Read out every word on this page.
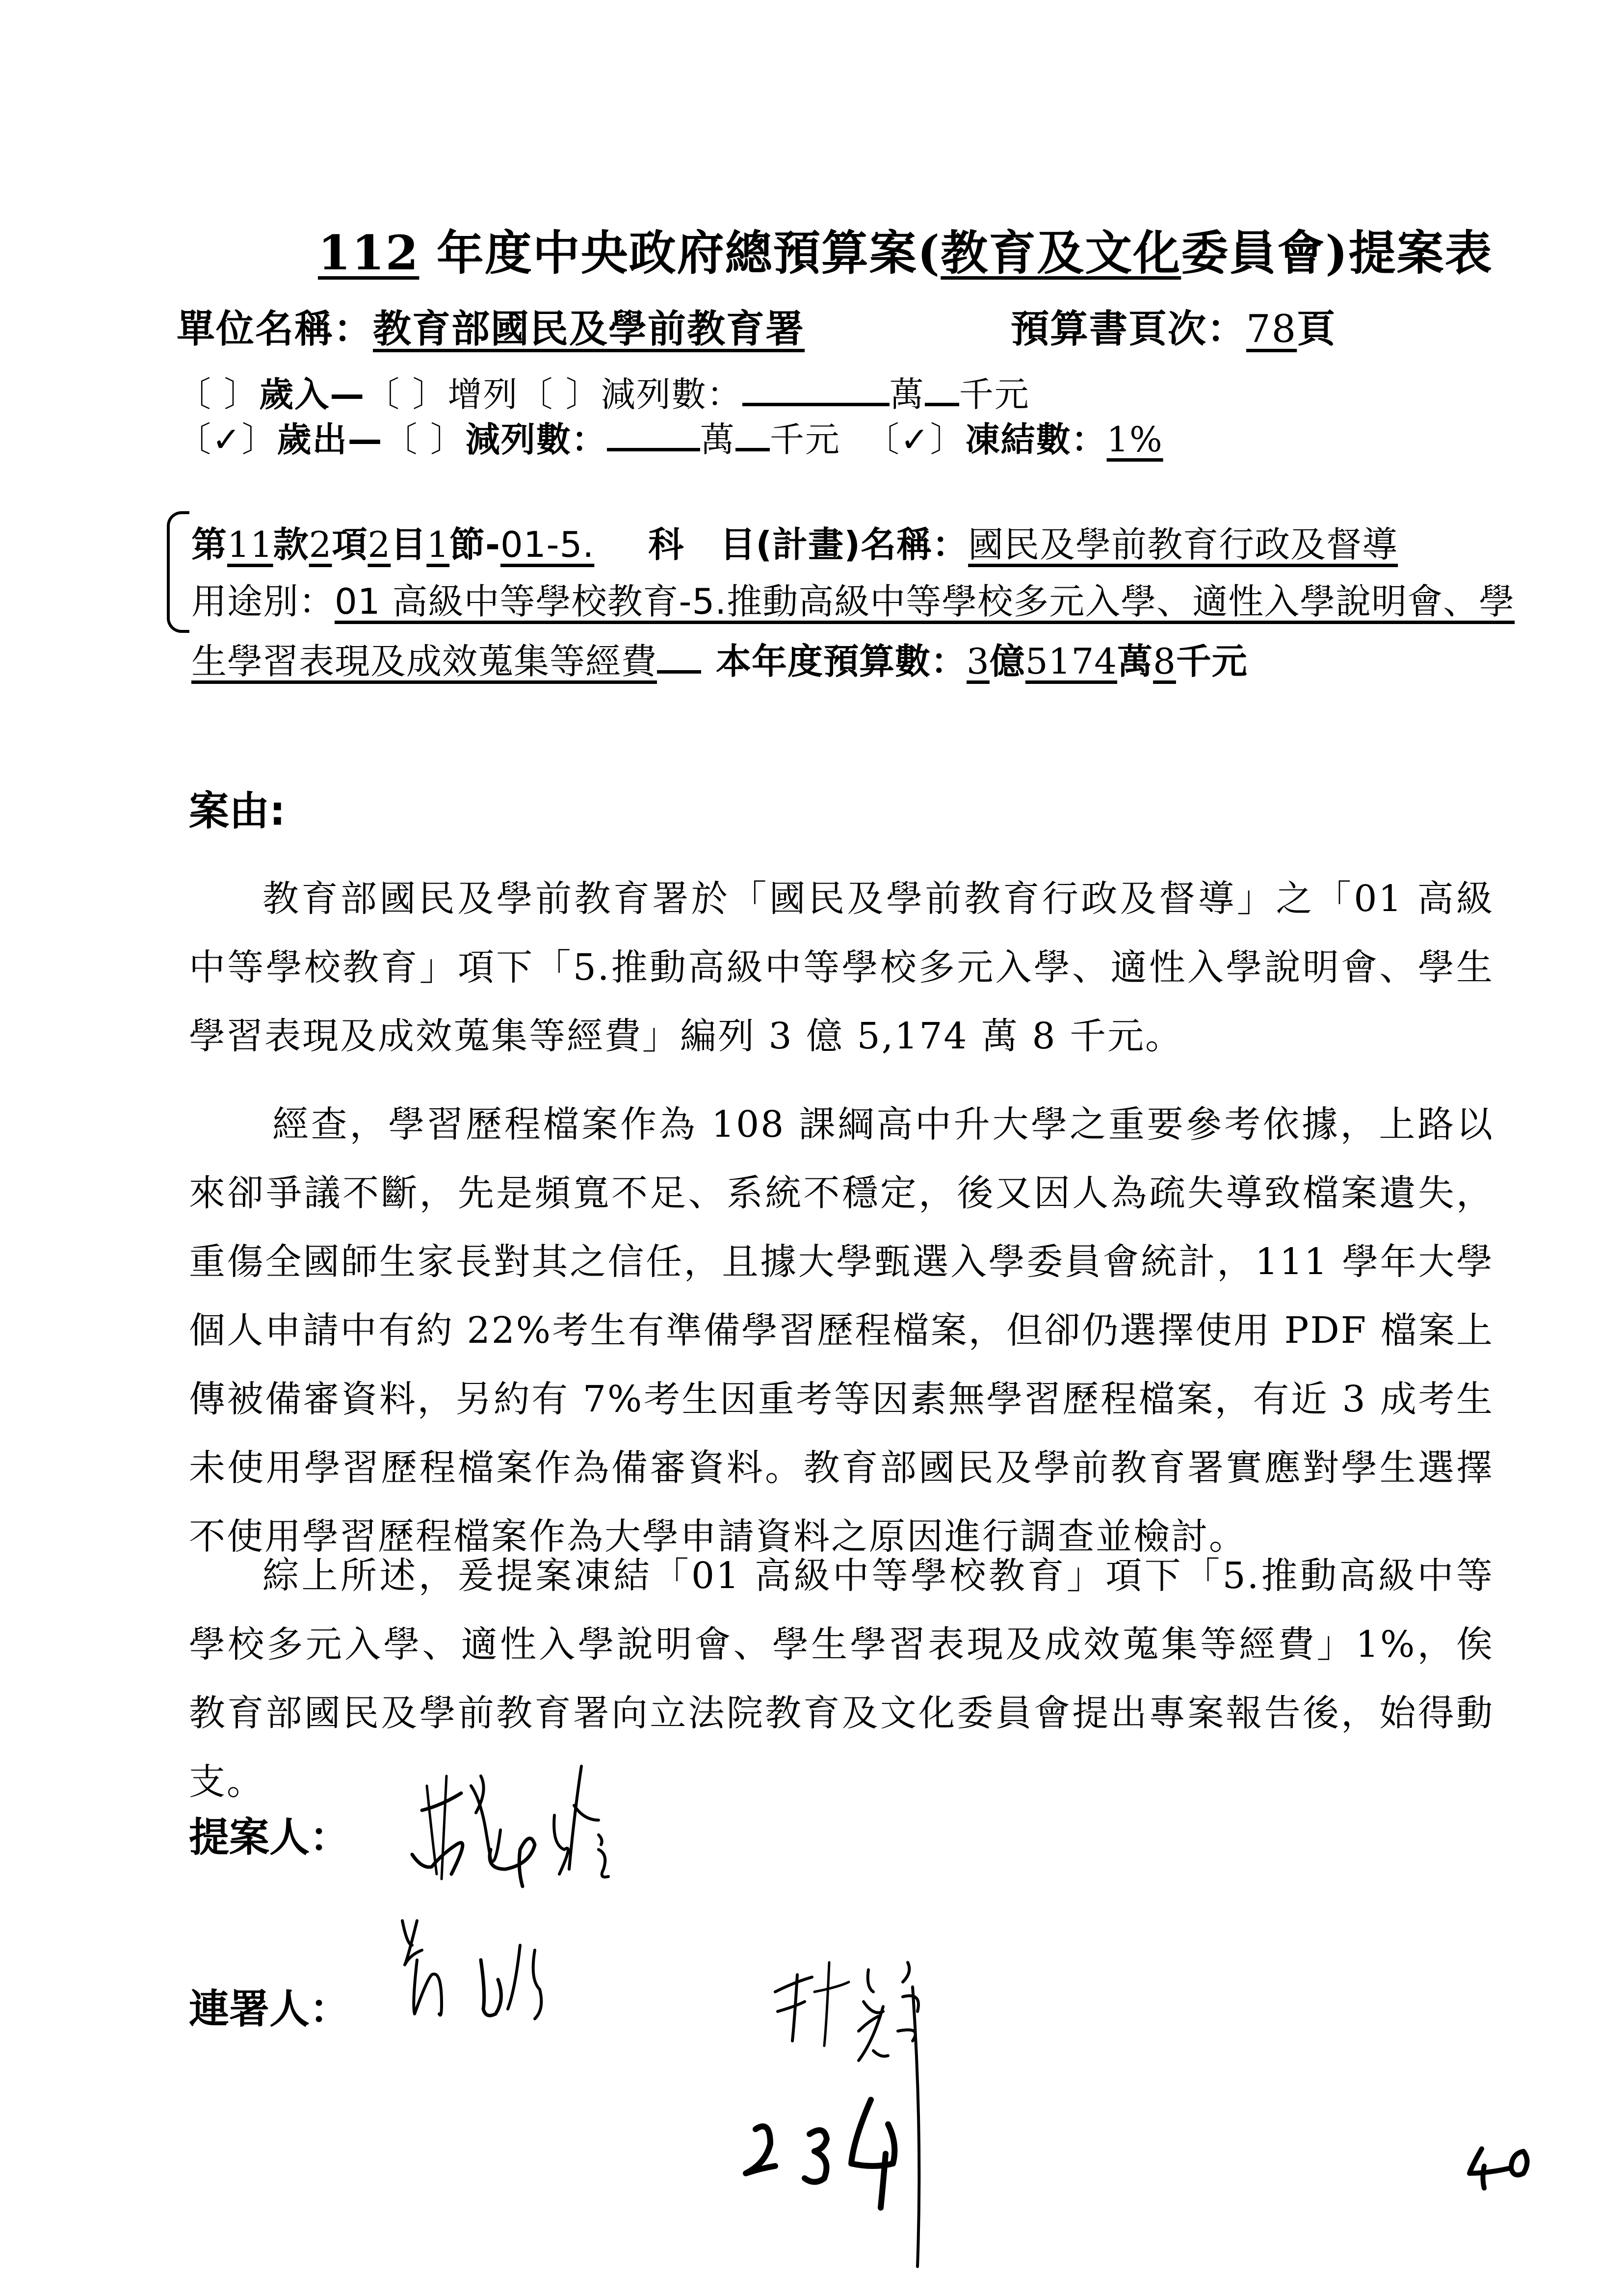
112 年度中央政府總預算案(教育及文化委員會)提案表
單位名稱：教育部國民及學前教育署	預算書頁次：78頁
〔 〕歲入—〔 〕增列〔 〕減列數：	萬 千元
〔✓〕歲出—〔 〕減列數：	萬 千元 〔✓〕凍結數：1%
第11款2項2目1節-01-5. 科　目(計畫)名稱：國民及學前教育行政及督導
用途別：01 高級中等學校教育-5.推動高級中等學校多元入學、適性入學說明會、學
生學習表現及成效蒐集等經費 本年度預算數：3億5174萬8千元
案由:
教育部國民及學前教育署於「國民及學前教育行政及督導」之「01 高級中等學校教育」項下「5.推動高級中等學校多元入學、適性入學說明會、學生學習表現及成效蒐集等經費」編列 3 億 5,174 萬 8 千元。
經查，學習歷程檔案作為 108 課綱高中升大學之重要參考依據，上路以來卻爭議不斷，先是頻寬不足、系統不穩定，後又因人為疏失導致檔案遺失，重傷全國師生家長對其之信任，且據大學甄選入學委員會統計，111 學年大學個人申請中有約 22%考生有準備學習歷程檔案，但卻仍選擇使用 PDF 檔案上傳被備審資料，另約有 7%考生因重考等因素無學習歷程檔案，有近 3 成考生未使用學習歷程檔案作為備審資料。教育部國民及學前教育署實應對學生選擇不使用學習歷程檔案作為大學申請資料之原因進行調查並檢討。
綜上所述，爰提案凍結「01 高級中等學校教育」項下「5.推動高級中等學校多元入學、適性入學說明會、學生學習表現及成效蒐集等經費」1%，俟教育部國民及學前教育署向立法院教育及文化委員會提出專案報告後，始得動支。
提案人：
連署人：
